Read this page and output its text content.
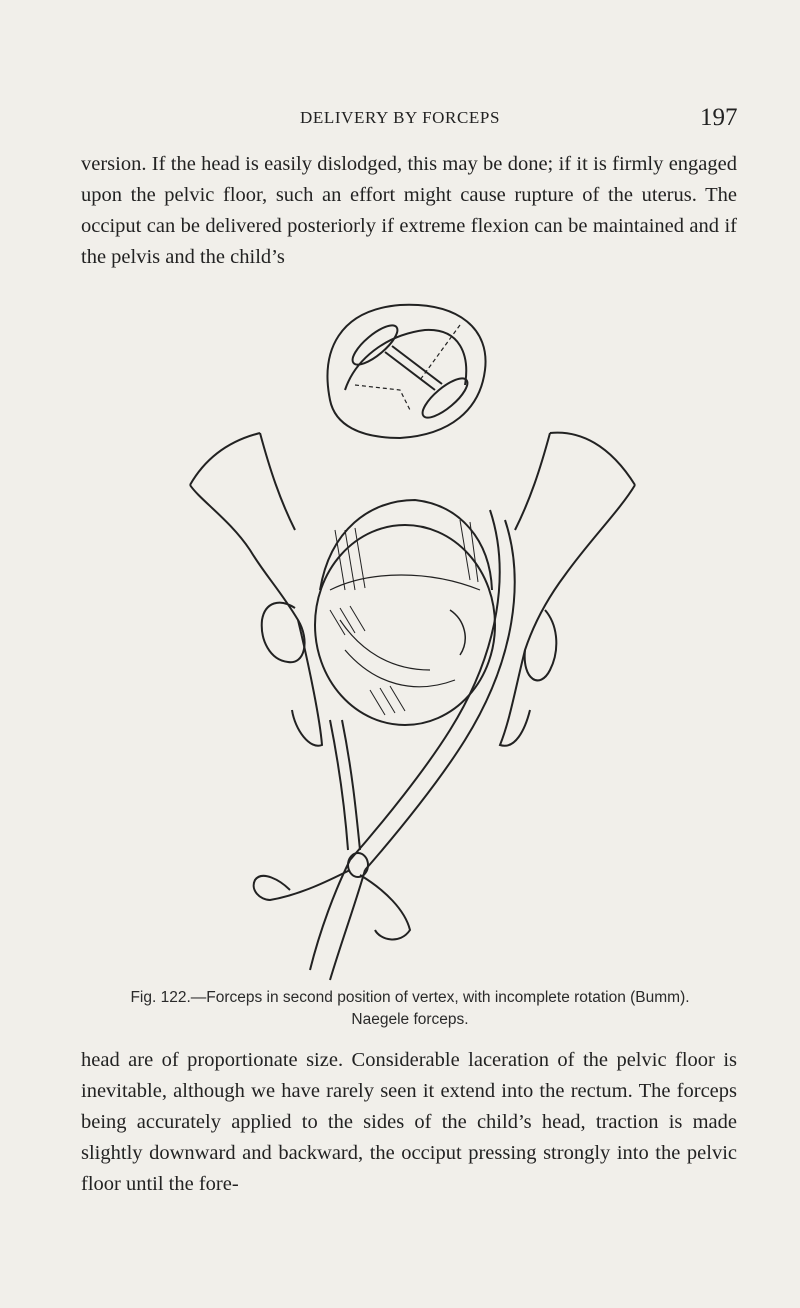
DELIVERY BY FORCEPS	197

version. If the head is easily dislodged, this may be done; if it is firmly engaged upon the pelvic floor, such an effort might cause rupture of the uterus. The occiput can be delivered posteriorly if extreme flexion can be maintained and if the pelvis and the child’s

Fig. 122.—Forceps in second position of vertex, with incomplete rotation (Bumm).
Naegele forceps.

head are of proportionate size. Considerable laceration of the pelvic floor is inevitable, although we have rarely seen it extend into the rectum. The forceps being accurately applied to the sides of the child’s head, traction is made slightly downward and backward, the occiput pressing strongly into the pelvic floor until the fore-
